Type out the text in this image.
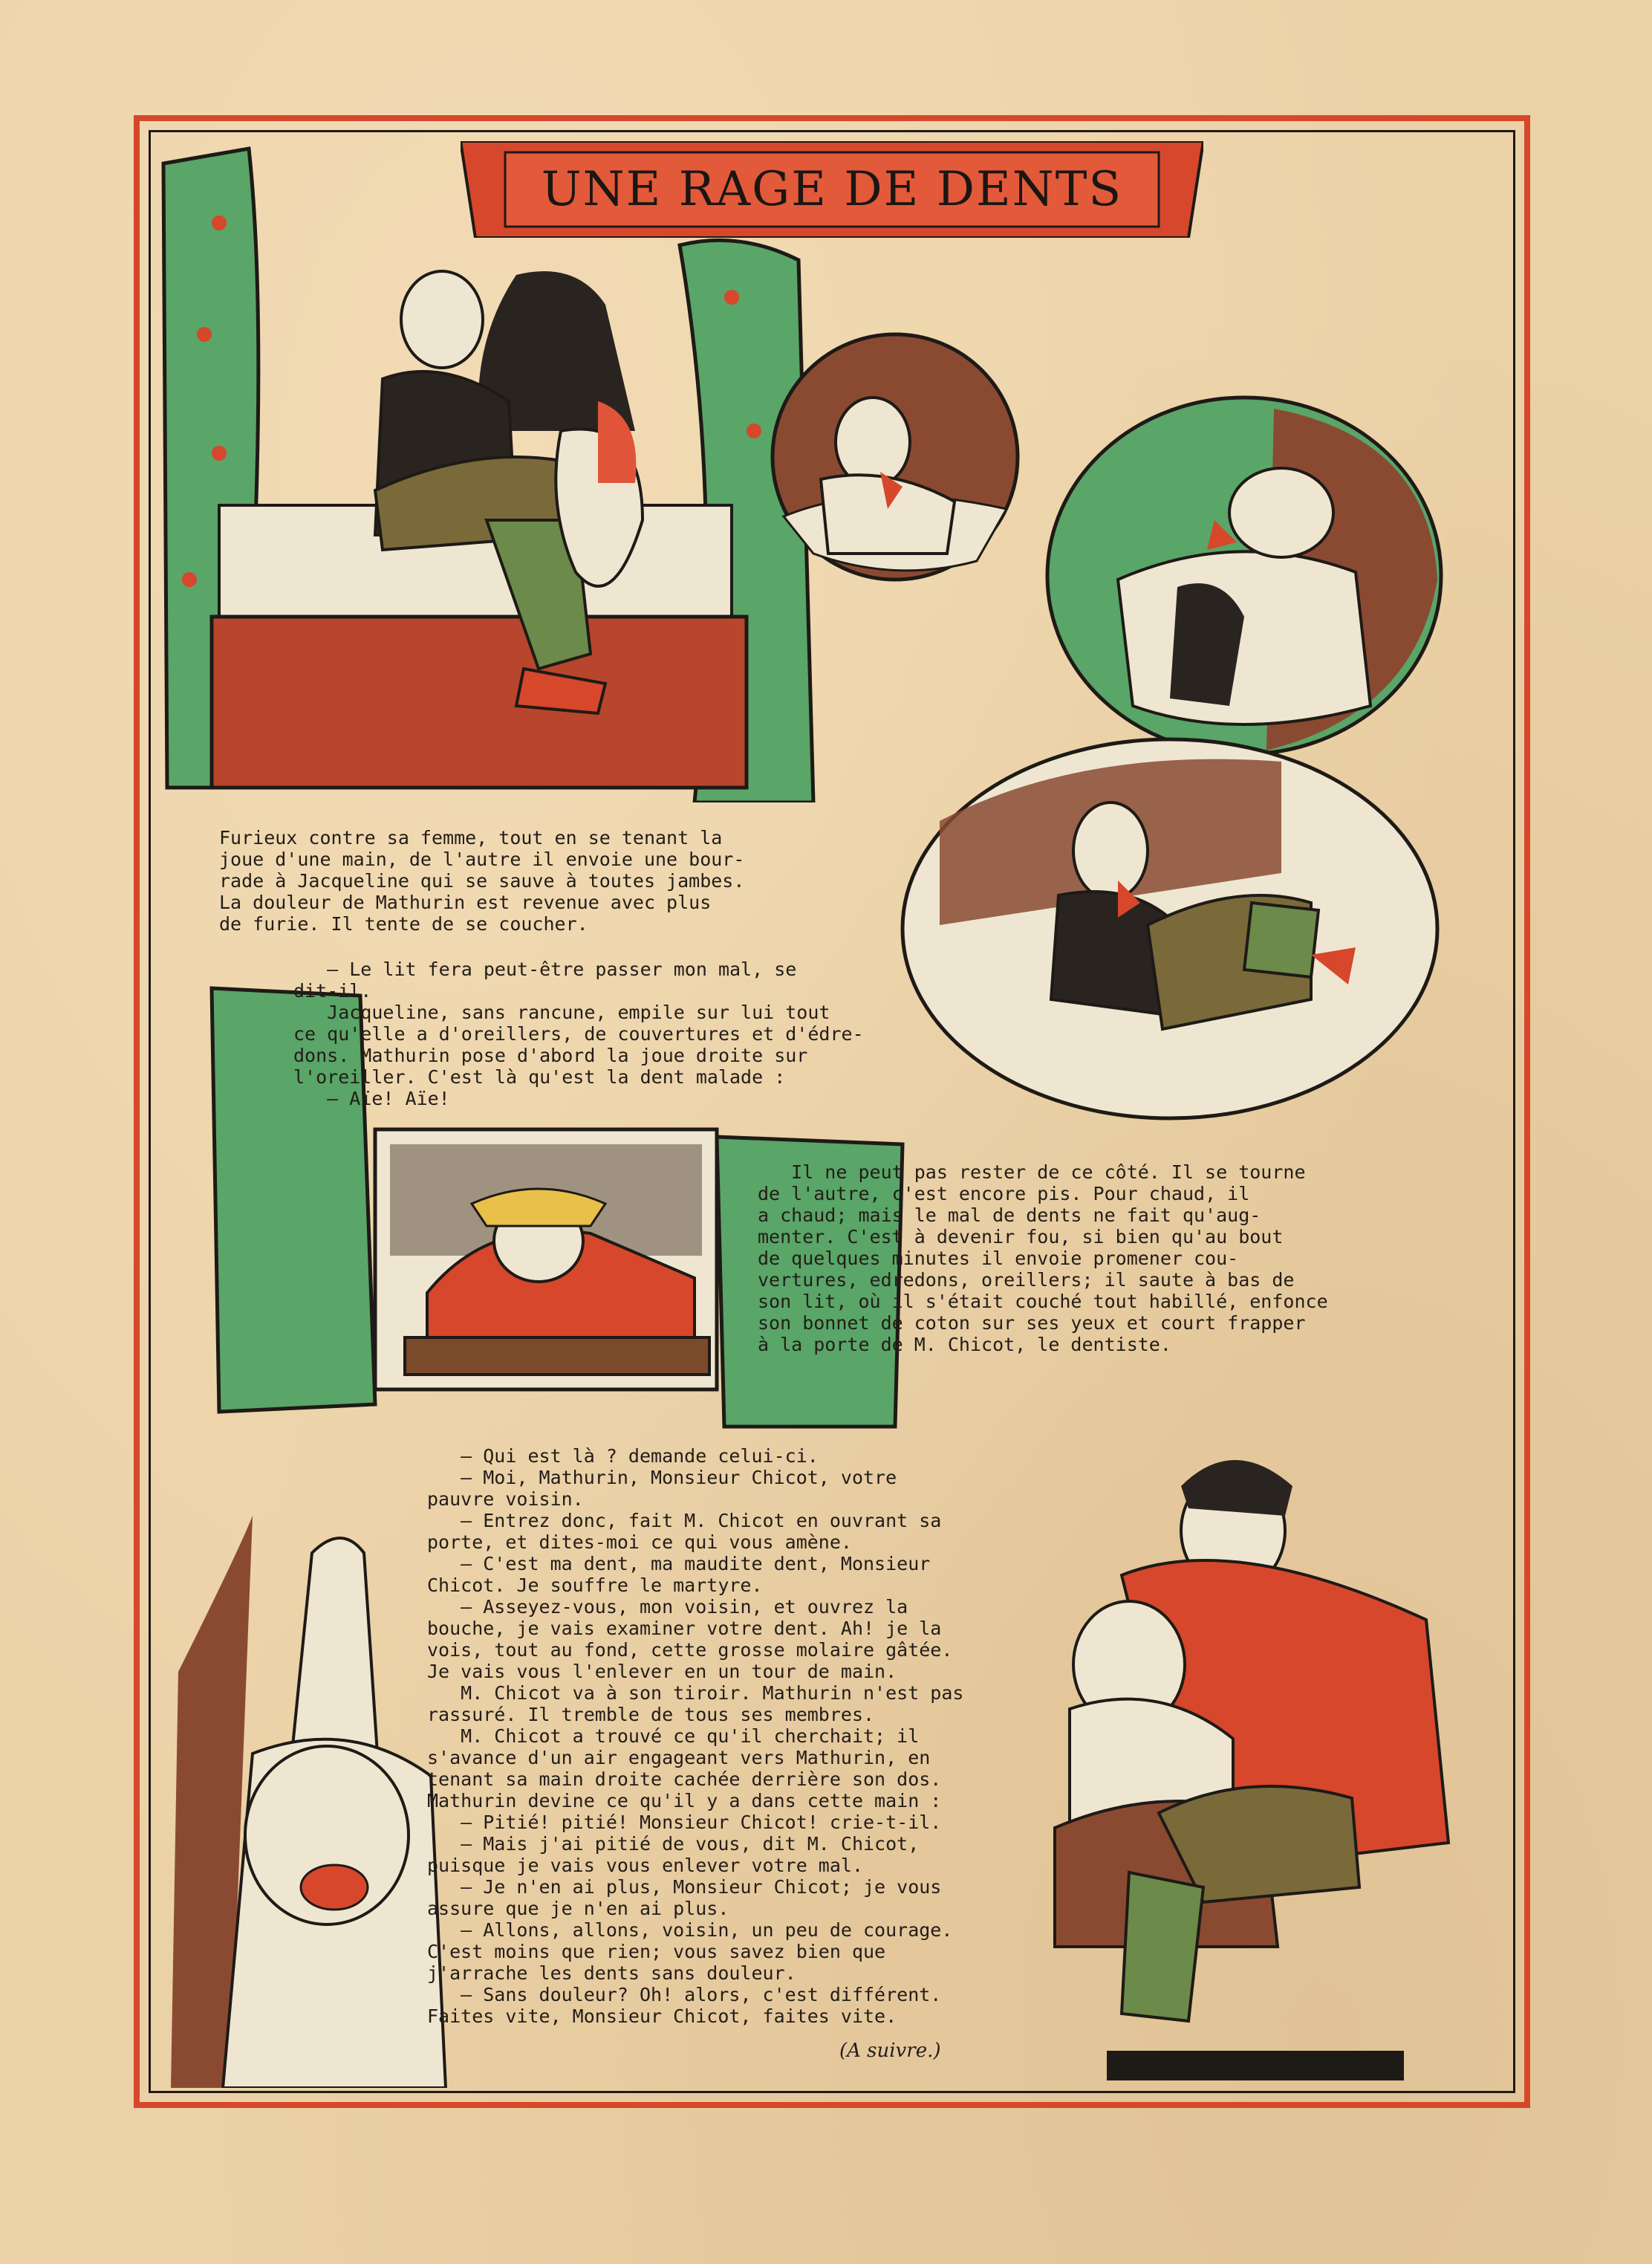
UNE RAGE DE DENTS

Furieux contre sa femme, tout en se tenant la
joue d'une main, de l'autre il envoie une bour-
rade à Jacqueline qui se sauve à toutes jambes.
La douleur de Mathurin est revenue avec plus
de furie. Il tente de se coucher.

— Le lit fera peut-être passer mon mal, se
dit-il.
Jacqueline, sans rancune, empile sur lui tout
ce qu'elle a d'oreillers, de couvertures et d'édre-
dons. Mathurin pose d'abord la joue droite sur
l'oreiller. C'est là qu'est la dent malade :
— Aïe! Aïe!

Il ne peut pas rester de ce côté. Il se tourne
de l'autre, c'est encore pis. Pour chaud, il
a chaud; mais le mal de dents ne fait qu'aug-
menter. C'est à devenir fou, si bien qu'au bout
de quelques minutes il envoie promener cou-
vertures, edredons, oreillers; il saute à bas de
son lit, où il s'était couché tout habillé, enfonce
son bonnet de coton sur ses yeux et court frapper
à la porte de M. Chicot, le dentiste.

— Qui est là ? demande celui-ci.
— Moi, Mathurin, Monsieur Chicot, votre
pauvre voisin.
— Entrez donc, fait M. Chicot en ouvrant sa
porte, et dites-moi ce qui vous amène.
— C'est ma dent, ma maudite dent, Monsieur
Chicot. Je souffre le martyre.
— Asseyez-vous, mon voisin, et ouvrez la
bouche, je vais examiner votre dent. Ah! je la
vois, tout au fond, cette grosse molaire gâtée.
Je vais vous l'enlever en un tour de main.
M. Chicot va à son tiroir. Mathurin n'est pas
rassuré. Il tremble de tous ses membres.
M. Chicot a trouvé ce qu'il cherchait; il
s'avance d'un air engageant vers Mathurin, en
tenant sa main droite cachée derrière son dos.
Mathurin devine ce qu'il y a dans cette main :
— Pitié! pitié! Monsieur Chicot! crie-t-il.
— Mais j'ai pitié de vous, dit M. Chicot,
puisque je vais vous enlever votre mal.
— Je n'en ai plus, Monsieur Chicot; je vous
assure que je n'en ai plus.
— Allons, allons, voisin, un peu de courage.
C'est moins que rien; vous savez bien que
j'arrache les dents sans douleur.
— Sans douleur? Oh! alors, c'est différent.
Faites vite, Monsieur Chicot, faites vite.

(A suivre.)
